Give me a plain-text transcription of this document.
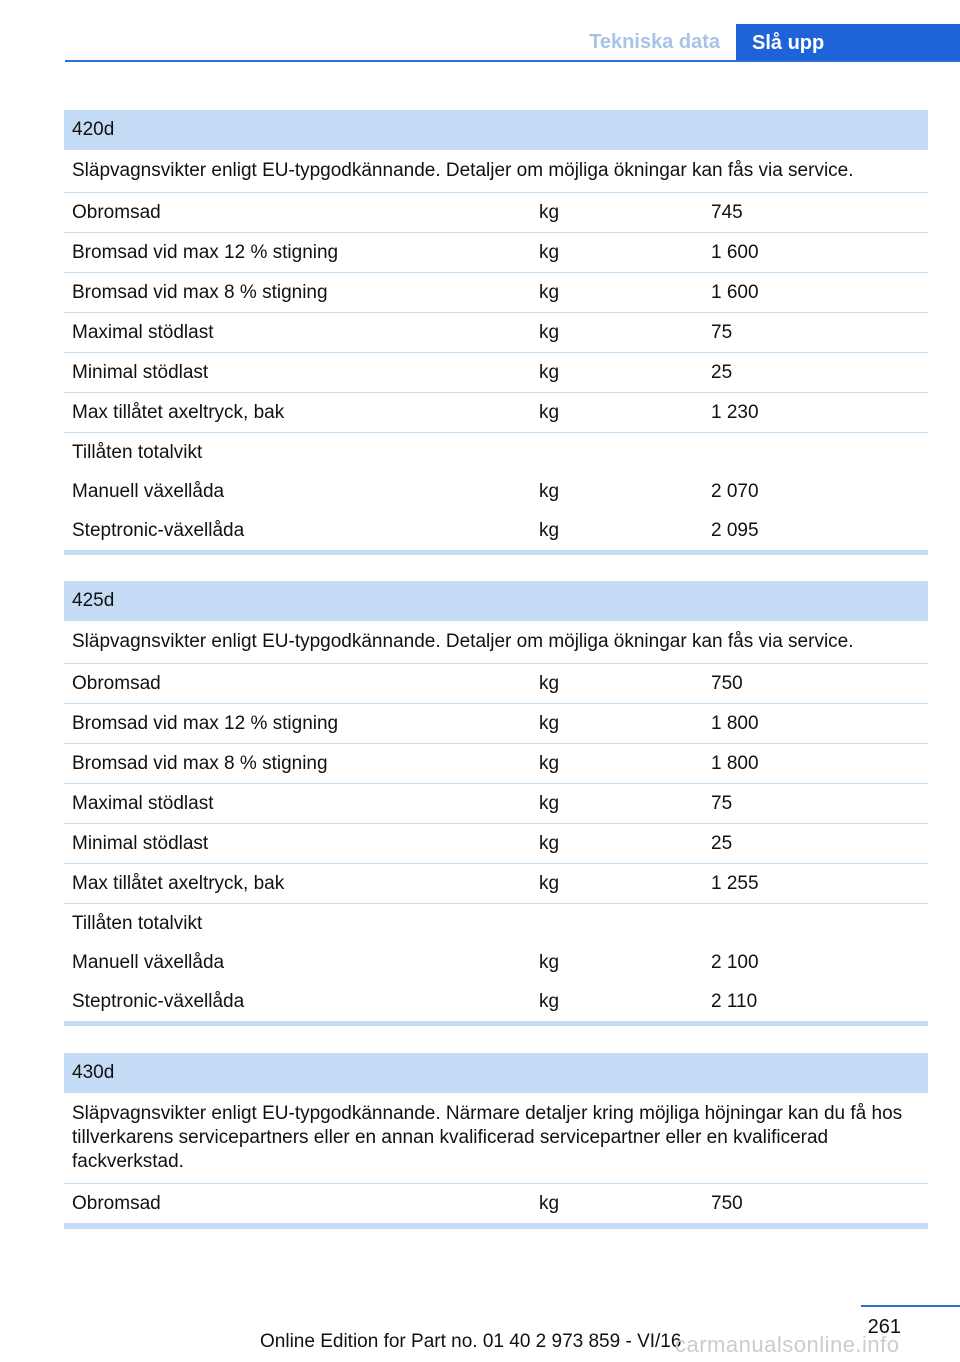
Tekniska data	Slå upp
420d
Släpvagnsvikter enligt EU-typgodkännande. Detaljer om möjliga ökningar kan fås via service.
Obromsad	kg	745
Bromsad vid max 12 % stigning	kg	1 600
Bromsad vid max 8 % stigning	kg	1 600
Maximal stödlast	kg	75
Minimal stödlast	kg	25
Max tillåtet axeltryck, bak	kg	1 230
Tillåten totalvikt
Manuell växellåda	kg	2 070
Steptronic-växellåda	kg	2 095
425d
Släpvagnsvikter enligt EU-typgodkännande. Detaljer om möjliga ökningar kan fås via service.
Obromsad	kg	750
Bromsad vid max 12 % stigning	kg	1 800
Bromsad vid max 8 % stigning	kg	1 800
Maximal stödlast	kg	75
Minimal stödlast	kg	25
Max tillåtet axeltryck, bak	kg	1 255
Tillåten totalvikt
Manuell växellåda	kg	2 100
Steptronic-växellåda	kg	2 110
430d
Släpvagnsvikter enligt EU-typgodkännande. Närmare detaljer kring möjliga höjningar kan du få hos tillverkarens servicepartners eller en annan kvalificerad servicepartner eller en kvalificerad fackverkstad.
Obromsad	kg	750
261
Online Edition for Part no. 01 40 2 973 859 - VI/16
carmanualsonline.info
